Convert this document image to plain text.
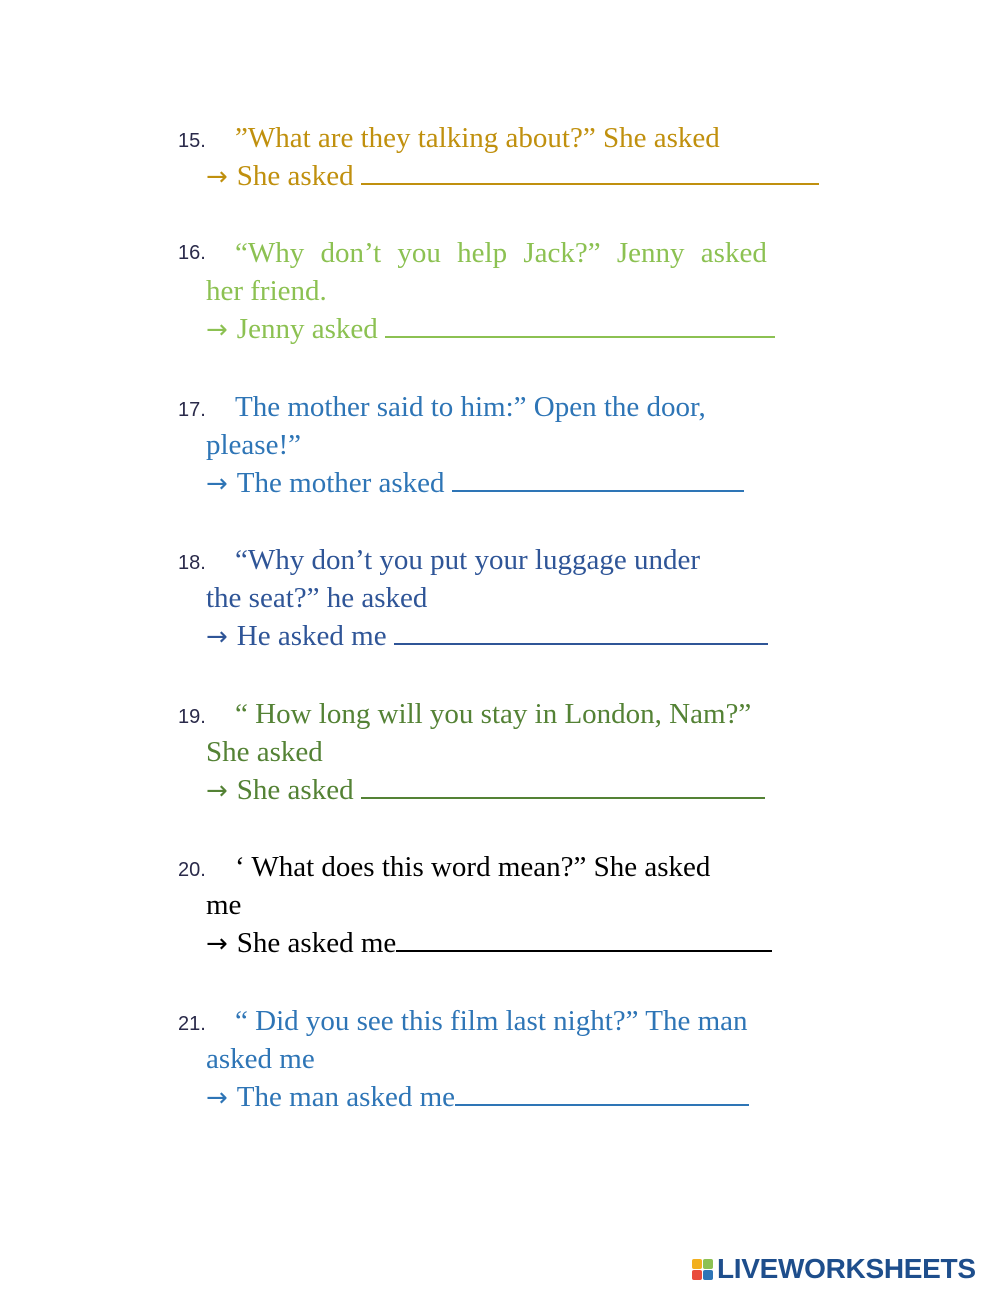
15. ”What are they talking about?” She asked
→ She asked
16.	“Why don’t you help Jack?” Jenny asked
her friend.
→ Jenny asked
17. The mother said to him:” Open the door,
please!”
→ The mother asked
18. “Why don’t you put your luggage under
the seat?” he asked
→ He asked me
19. “ How long will you stay in London, Nam?”
She asked
→ She asked
20. ‘ What does this word mean?” She asked
me
→ She asked me
21. “ Did you see this film last night?” The man
asked me
→ The man asked me
LIVEWORKSHEETS
